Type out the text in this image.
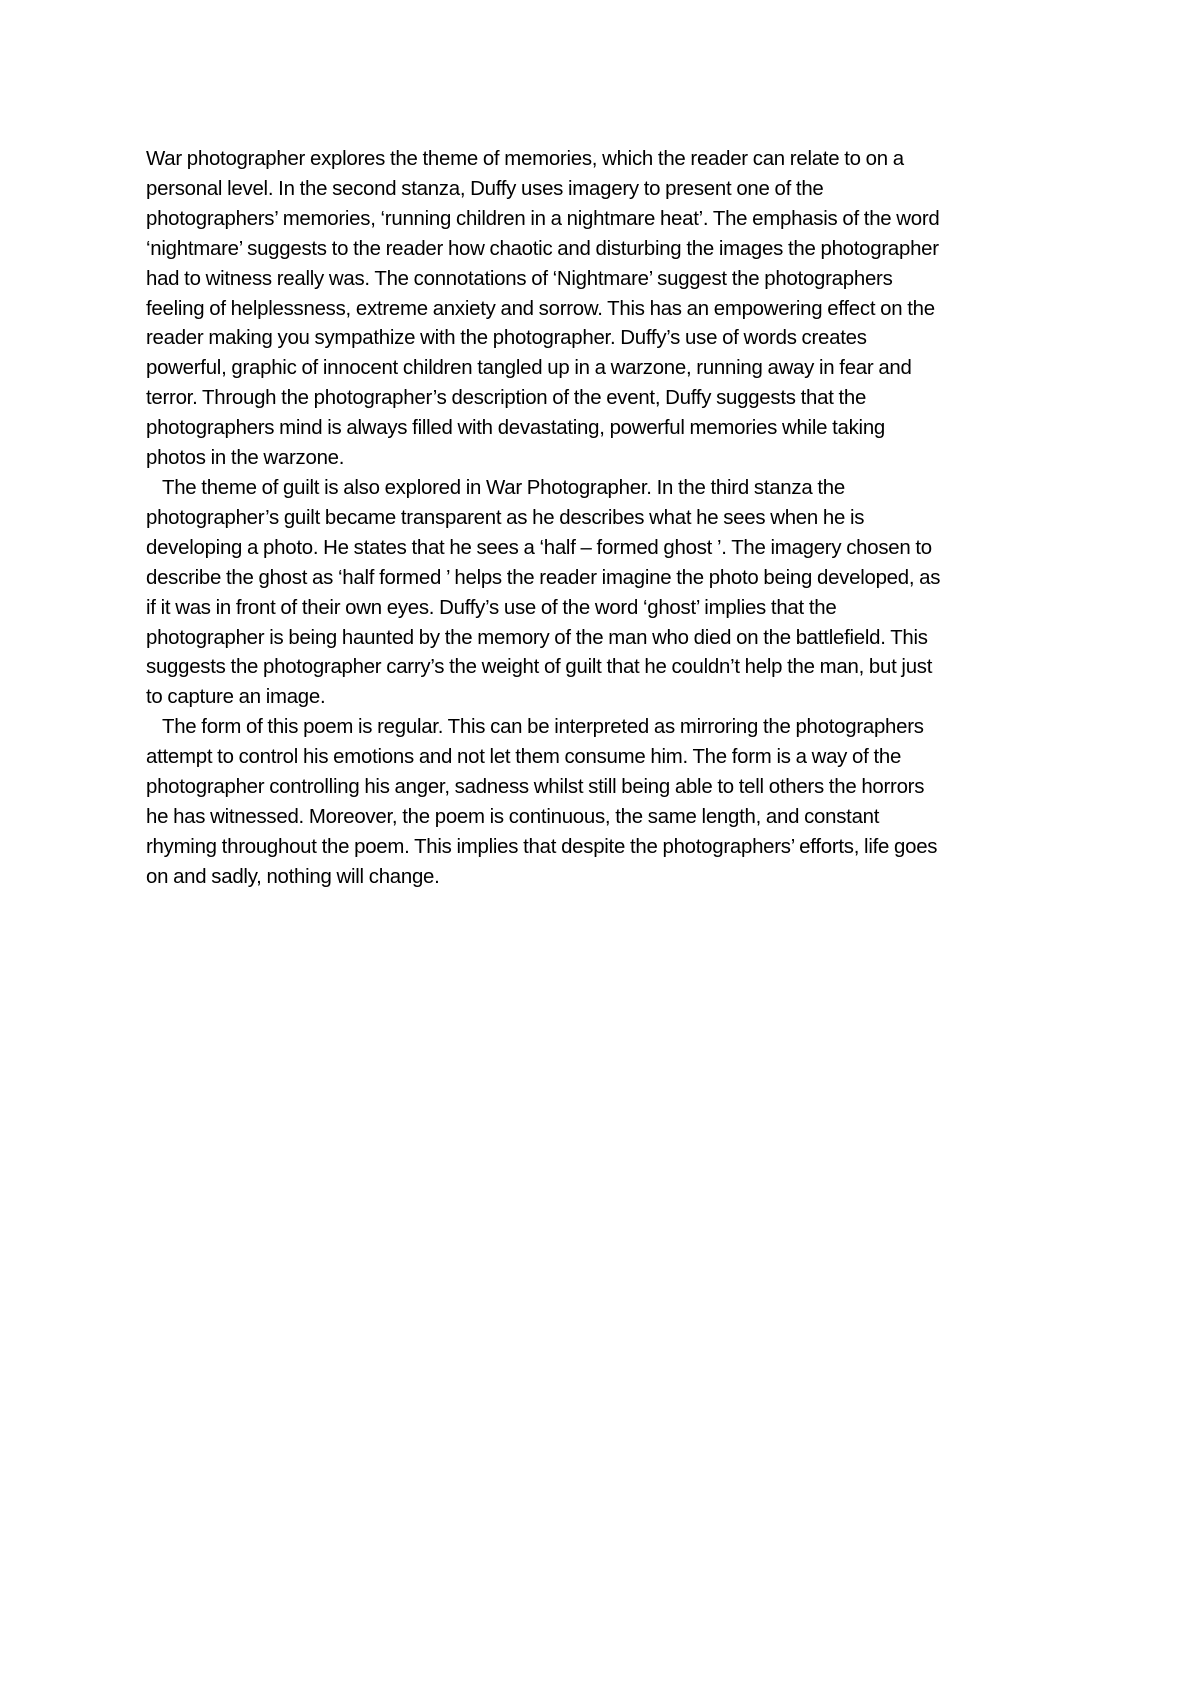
War photographer explores the theme of memories, which the reader can relate to on a
personal level. In the second stanza, Duffy uses imagery to present one of the
photographers’ memories, ‘running children in a nightmare heat’. The emphasis of the word
‘nightmare’ suggests to the reader how chaotic and disturbing the images the photographer
had to witness really was. The connotations of ‘Nightmare’ suggest the photographers
feeling of helplessness, extreme anxiety and sorrow. This has an empowering effect on the
reader making you sympathize with the photographer. Duffy’s use of words creates
powerful, graphic of innocent children tangled up in a warzone, running away in fear and
terror. Through the photographer’s description of the event, Duffy suggests that the
photographers mind is always filled with devastating, powerful memories while taking
photos in the warzone.
The theme of guilt is also explored in War Photographer. In the third stanza the
photographer’s guilt became transparent as he describes what he sees when he is
developing a photo. He states that he sees a ‘half – formed ghost ’. The imagery chosen to
describe the ghost as ‘half formed ’ helps the reader imagine the photo being developed, as
if it was in front of their own eyes. Duffy’s use of the word ‘ghost’ implies that the
photographer is being haunted by the memory of the man who died on the battlefield. This
suggests the photographer carry’s the weight of guilt that he couldn’t help the man, but just
to capture an image.
The form of this poem is regular. This can be interpreted as mirroring the photographers
attempt to control his emotions and not let them consume him. The form is a way of the
photographer controlling his anger, sadness whilst still being able to tell others the horrors
he has witnessed. Moreover, the poem is continuous, the same length, and constant
rhyming throughout the poem. This implies that despite the photographers’ efforts, life goes
on and sadly, nothing will change.
